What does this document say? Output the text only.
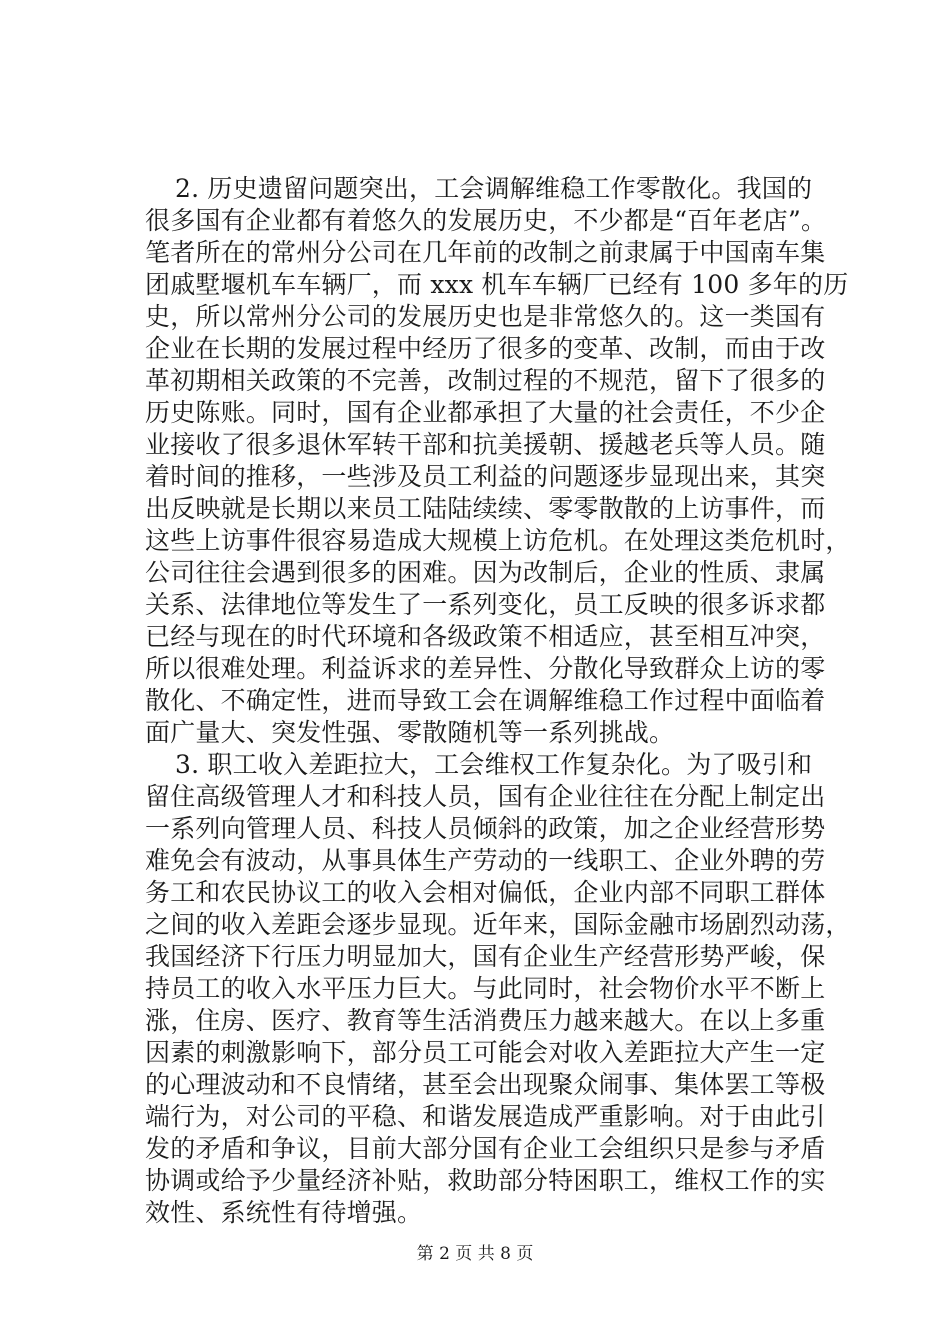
2. 历史遗留问题突出，工会调解维稳工作零散化。我国的
很多国有企业都有着悠久的发展历史，不少都是“百年老店”。
笔者所在的常州分公司在几年前的改制之前隶属于中国南车集
团戚墅堰机车车辆厂，而 xxx 机车车辆厂已经有 100 多年的历
史，所以常州分公司的发展历史也是非常悠久的。这一类国有
企业在长期的发展过程中经历了很多的变革、改制，而由于改
革初期相关政策的不完善，改制过程的不规范，留下了很多的
历史陈账。同时，国有企业都承担了大量的社会责任，不少企
业接收了很多退休军转干部和抗美援朝、援越老兵等人员。随
着时间的推移，一些涉及员工利益的问题逐步显现出来，其突
出反映就是长期以来员工陆陆续续、零零散散的上访事件，而
这些上访事件很容易造成大规模上访危机。在处理这类危机时，
公司往往会遇到很多的困难。因为改制后，企业的性质、隶属
关系、法律地位等发生了一系列变化，员工反映的很多诉求都
已经与现在的时代环境和各级政策不相适应，甚至相互冲突，
所以很难处理。利益诉求的差异性、分散化导致群众上访的零
散化、不确定性，进而导致工会在调解维稳工作过程中面临着
面广量大、突发性强、零散随机等一系列挑战。
3. 职工收入差距拉大，工会维权工作复杂化。为了吸引和
留住高级管理人才和科技人员，国有企业往往在分配上制定出
一系列向管理人员、科技人员倾斜的政策，加之企业经营形势
难免会有波动，从事具体生产劳动的一线职工、企业外聘的劳
务工和农民协议工的收入会相对偏低，企业内部不同职工群体
之间的收入差距会逐步显现。近年来，国际金融市场剧烈动荡，
我国经济下行压力明显加大，国有企业生产经营形势严峻，保
持员工的收入水平压力巨大。与此同时，社会物价水平不断上
涨，住房、医疗、教育等生活消费压力越来越大。在以上多重
因素的刺激影响下，部分员工可能会对收入差距拉大产生一定
的心理波动和不良情绪，甚至会出现聚众闹事、集体罢工等极
端行为，对公司的平稳、和谐发展造成严重影响。对于由此引
发的矛盾和争议，目前大部分国有企业工会组织只是参与矛盾
协调或给予少量经济补贴，救助部分特困职工，维权工作的实
效性、系统性有待增强。
第 2 页 共 8 页
